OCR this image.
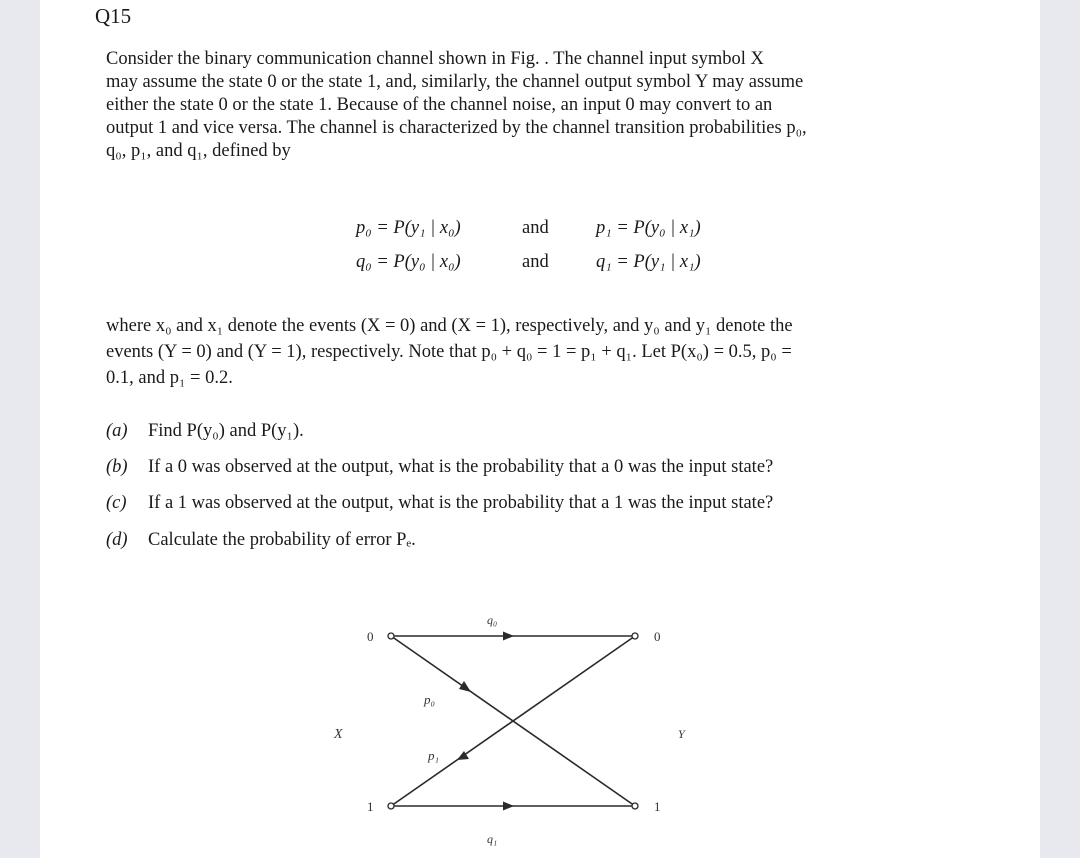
Q15
Consider the binary communication channel shown in Fig. . The channel input symbol X
may assume the state 0 or the state 1, and, similarly, the channel output symbol Y may assume
either the state 0 or the state 1. Because of the channel noise, an input 0 may convert to an
output 1 and vice versa. The channel is characterized by the channel transition probabilities p₀,
q₀, p₁, and q₁, defined by
p₀ = P(y₁ | x₀)	and	p₁ = P(y₀ | x₁)
q₀ = P(y₀ | x₀)	and	q₁ = P(y₁ | x₁)
where x₀ and x₁ denote the events (X = 0) and (X = 1), respectively, and y₀ and y₁ denote the
events (Y = 0) and (Y = 1), respectively. Note that p₀ + q₀ = 1 = p₁ + q₁. Let P(x₀) = 0.5, p₀ =
0.1, and p₁ = 0.2.
(a) Find P(y₀) and P(y₁).
(b) If a 0 was observed at the output, what is the probability that a 0 was the input state?
(c) If a 1 was observed at the output, what is the probability that a 1 was the input state?
(d) Calculate the probability of error Pₑ.
0
1
0
1
X	Y
q₀
p₀
p₁
q₁
